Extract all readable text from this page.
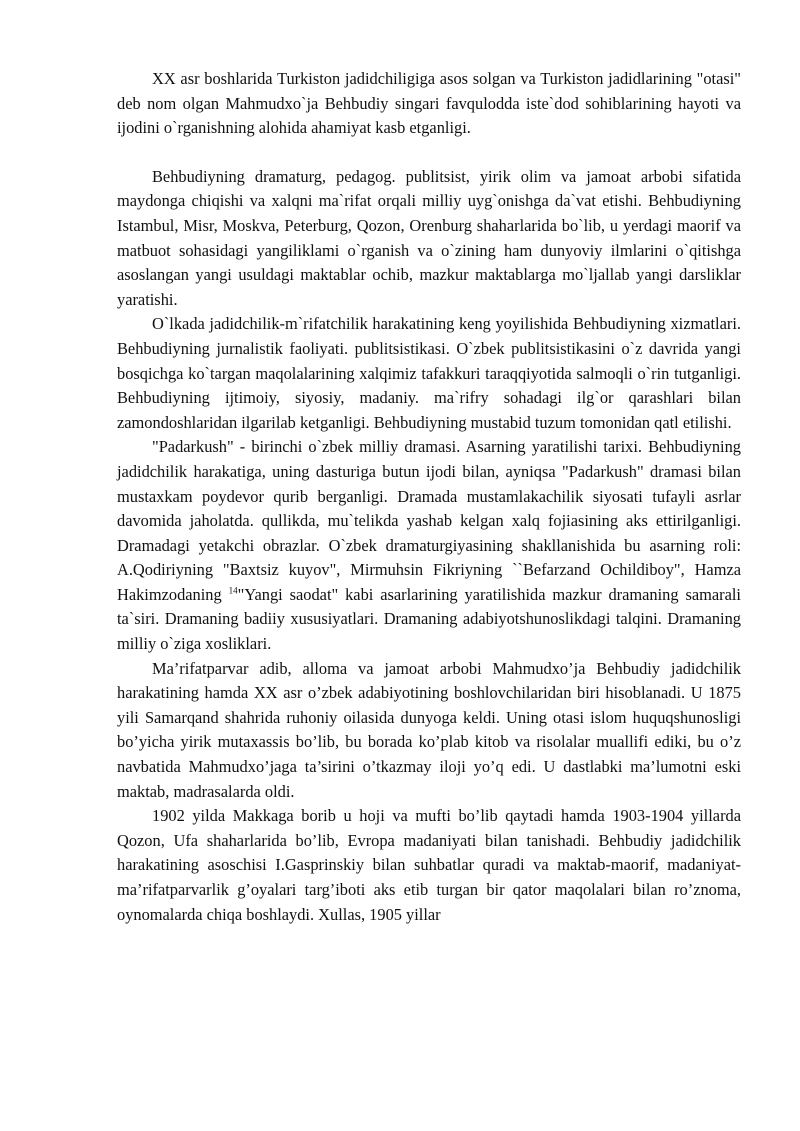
XX asr boshlarida Turkiston jadidchiligiga asos solgan va Turkiston jadidlarining "otasi" deb nom olgan Mahmudxo`ja Behbudiy singari favqulodda iste`dod sohiblarining hayoti va ijodini o`rganishning alohida ahamiyat kasb etganligi.

Behbudiyning dramaturg, pedagog. publitsist, yirik olim va jamoat arbobi sifatida maydonga chiqishi va xalqni ma`rifat orqali milliy uyg`onishga da`vat etishi. Behbudiyning Istambul, Misr, Moskva, Peterburg, Qozon, Orenburg shaharlarida bo`lib, u yerdagi maorif va matbuot sohasidagi yangiliklami o`rganish va o`zining ham dunyoviy ilmlarini o`qitishga asoslangan yangi usuldagi maktablar ochib, mazkur maktablarga mo`ljallab yangi darsliklar yaratishi.

O`lkada jadidchilik-m`rifatchilik harakatining keng yoyilishida Behbudiyning xizmatlari. Behbudiyning jurnalistik faoliyati. publitsistikasi. O`zbek publitsistikasini o`z davrida yangi bosqichga ko`targan maqolalarining xalqimiz tafakkuri taraqqiyotida salmoqli o`rin tutganligi. Behbudiyning ijtimoiy, siyosiy, madaniy. ma`rifry sohadagi ilg`or qarashlari bilan zamondoshlaridan ilgarilab ketganligi. Behbudiyning mustabid tuzum tomonidan qatl etilishi.

"Padarkush" - birinchi o`zbek milliy dramasi. Asarning yaratilishi tarixi. Behbudiyning jadidchilik harakatiga, uning dasturiga butun ijodi bilan, ayniqsa "Padarkush" dramasi bilan mustaxkam poydevor qurib berganligi. Dramada mustamlakachilik siyosati tufayli asrlar davomida jaholatda. qullikda, mu`telikda yashab kelgan xalq fojiasining aks ettirilganligi. Dramadagi yetakchi obrazlar. O`zbek dramaturgiyasining shakllanishida bu asarning roli: A.Qodiriyning "Baxtsiz kuyov", Mirmuhsin Fikriyning ``Befarzand Ochildiboy", Hamza Hakimzodaning $^{14}$"Yangi saodat" kabi asarlarining yaratilishida mazkur dramaning samarali ta`siri. Dramaning badiiy xususiyatlari. Dramaning adabiyotshunoslikdagi talqini. Dramaning milliy o`ziga xosliklari.

Ma’rifatparvar adib, alloma va jamoat arbobi Mahmudxo’ja Behbudiy jadidchilik harakatining hamda XX asr o’zbek adabiyotining boshlovchilaridan biri hisoblanadi. U 1875 yili Samarqand shahrida ruhoniy oilasida dunyoga keldi. Uning otasi islom huquqshunosligi bo’yicha yirik mutaxassis bo’lib, bu borada ko’plab kitob va risolalar muallifi ediki, bu o’z navbatida Mahmudxo’jaga ta’sirini o’tkazmay iloji yo’q edi. U dastlabki ma’lumotni eski maktab, madrasalarda oldi.

1902 yilda Makkaga borib u hoji va mufti bo’lib qaytadi hamda 1903-1904 yillarda Qozon, Ufa shaharlarida bo’lib, Evropa madaniyati bilan tanishadi. Behbudiy jadidchilik harakatining asoschisi I.Gasprinskiy bilan suhbatlar quradi va maktab-maorif, madaniyat-ma’rifatparvarlik g’oyalari targ’iboti aks etib turgan bir qator maqolalari bilan ro’znoma, oynomalarda chiqa boshlaydi. Xullas, 1905 yillar
